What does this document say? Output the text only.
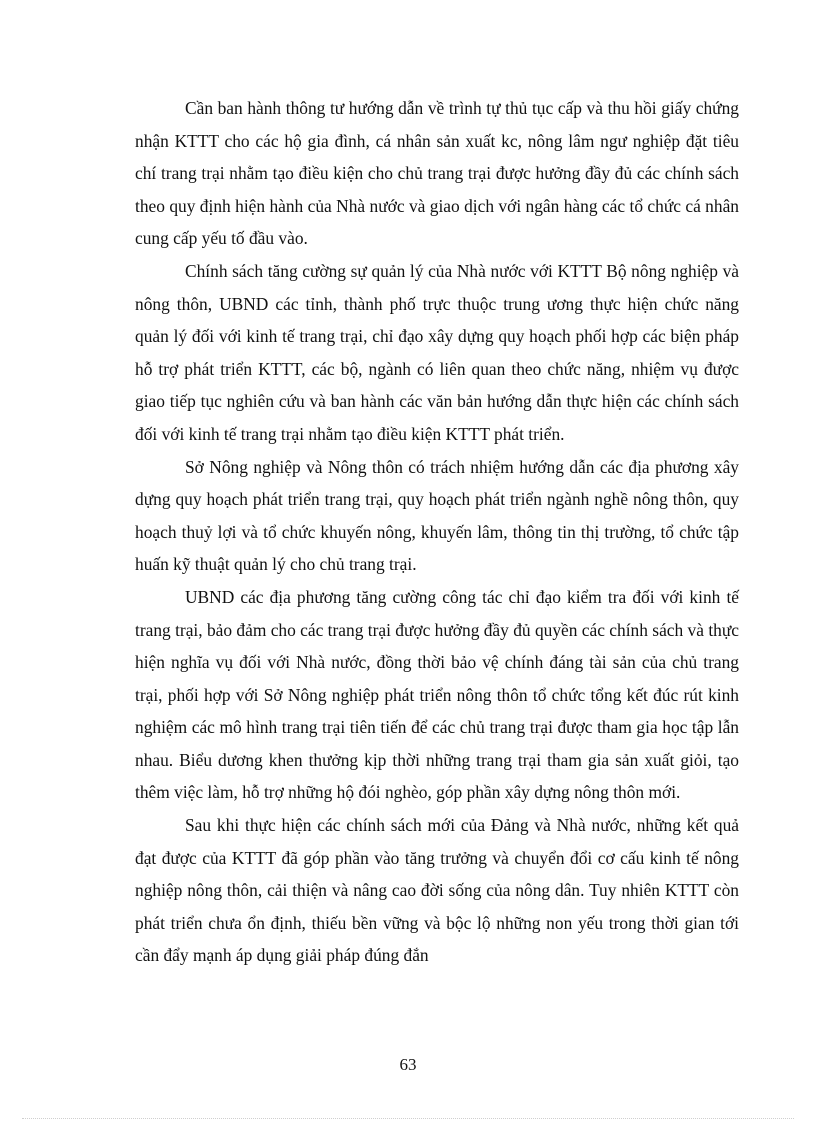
Cần ban hành thông tư hướng dẫn về trình tự thủ tục cấp và thu hồi giấy chứng nhận KTTT cho các hộ gia đình, cá nhân sản xuất kc, nông lâm ngư nghiệp đặt tiêu chí trang trại nhằm tạo điều kiện cho chủ trang trại được hưởng đầy đủ các chính sách theo quy định hiện hành của Nhà nước và giao dịch với ngân hàng các tổ chức cá nhân cung cấp yếu tố đầu vào.

Chính sách tăng cường sự quản lý của Nhà nước với KTTT Bộ nông nghiệp và nông thôn, UBND các tỉnh, thành phố trực thuộc trung ương thực hiện chức năng quản lý đối với kinh tế trang trại, chỉ đạo xây dựng quy hoạch phối hợp các biện pháp hỗ trợ phát triển KTTT, các bộ, ngành có liên quan theo chức năng, nhiệm vụ được giao tiếp tục nghiên cứu và ban hành các văn bản hướng dẫn thực hiện các chính sách đối với kinh tế trang trại nhằm tạo điều kiện KTTT phát triển.

Sở Nông nghiệp và Nông thôn có trách nhiệm hướng dẫn các địa phương xây dựng quy hoạch phát triển trang trại, quy hoạch phát triển ngành nghề nông thôn, quy hoạch thuỷ lợi và tổ chức khuyến nông, khuyến lâm, thông tin thị trường, tổ chức tập huấn kỹ thuật quản lý cho chủ trang trại.

UBND các địa phương tăng cường công tác chỉ đạo kiểm tra đối với kinh tế trang trại, bảo đảm cho các trang trại được hưởng đầy đủ quyền các chính sách và thực hiện nghĩa vụ đối với Nhà nước, đồng thời bảo vệ chính đáng tài sản của chủ trang trại, phối hợp với Sở Nông nghiệp phát triển nông thôn tổ chức tổng kết đúc rút kinh nghiệm các mô hình trang trại tiên tiến để các chủ trang trại được tham gia học tập lẫn nhau. Biểu dương khen thưởng kịp thời những trang trại tham gia sản xuất giỏi, tạo thêm việc làm, hỗ trợ những hộ đói nghèo, góp phần xây dựng nông thôn mới.

Sau khi thực hiện các chính sách mới của Đảng và Nhà nước, những kết quả đạt được của KTTT đã góp phần vào tăng trưởng và chuyển đổi cơ cấu kinh tế nông nghiệp nông thôn, cải thiện và nâng cao đời sống của nông dân. Tuy nhiên KTTT còn phát triển chưa ổn định, thiếu bền vững và bộc lộ những non yếu trong thời gian tới cần đẩy mạnh áp dụng giải pháp đúng đắn

63
